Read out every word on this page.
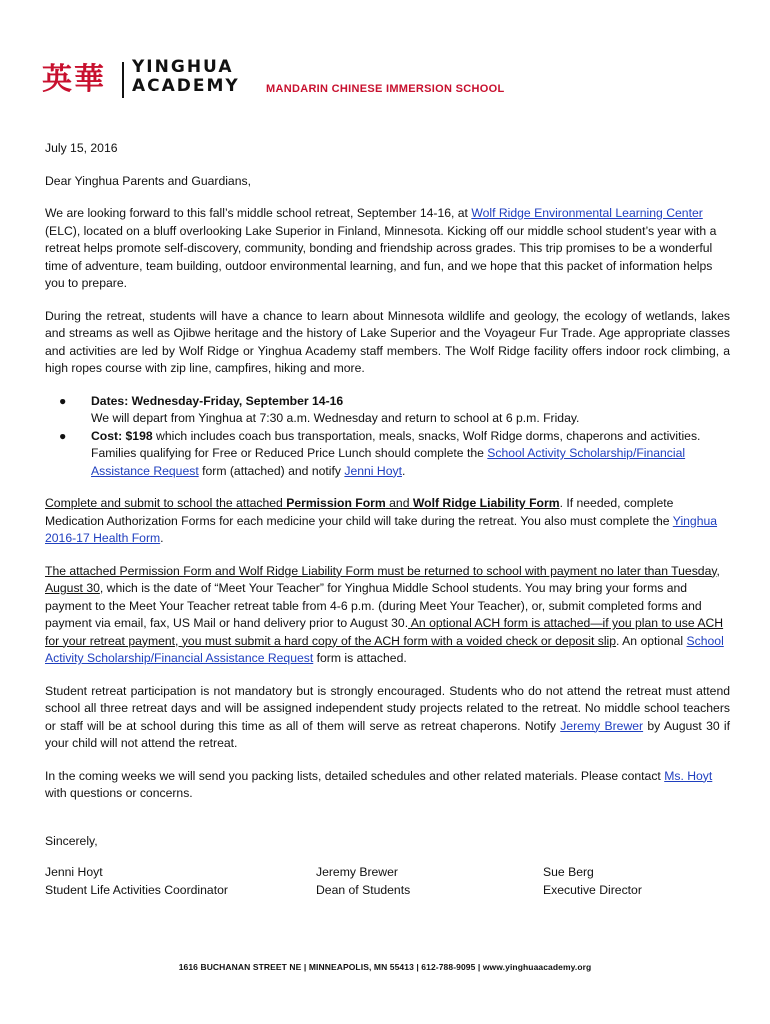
英華 YINGHUA
ACADEMY MANDARIN CHINESE IMMERSION SCHOOL

July 15, 2016

Dear Yinghua Parents and Guardians,

We are looking forward to this fall’s middle school retreat, September 14-16, at Wolf Ridge Environmental Learning Center (ELC), located on a bluff overlooking Lake Superior in Finland, Minnesota. Kicking off our middle school student’s year with a retreat helps promote self-discovery, community, bonding and friendship across grades. This trip promises to be a wonderful time of adventure, team building, outdoor environmental learning, and fun, and we hope that this packet of information helps you to prepare.

During the retreat, students will have a chance to learn about Minnesota wildlife and geology, the ecology of wetlands, lakes and streams as well as Ojibwe heritage and the history of Lake Superior and the Voyageur Fur Trade. Age appropriate classes and activities are led by Wolf Ridge or Yinghua Academy staff members. The Wolf Ridge facility offers indoor rock climbing, a high ropes course with zip line, campfires, hiking and more.

● Dates: Wednesday-Friday, September 14-16
We will depart from Yinghua at 7:30 a.m. Wednesday and return to school at 6 p.m. Friday.
● Cost: $198 which includes coach bus transportation, meals, snacks, Wolf Ridge dorms, chaperons and activities. Families qualifying for Free or Reduced Price Lunch should complete the School Activity Scholarship/Financial Assistance Request form (attached) and notify Jenni Hoyt.

Complete and submit to school the attached Permission Form and Wolf Ridge Liability Form. If needed, complete Medication Authorization Forms for each medicine your child will take during the retreat. You also must complete the Yinghua 2016-17 Health Form.

The attached Permission Form and Wolf Ridge Liability Form must be returned to school with payment no later than Tuesday, August 30, which is the date of “Meet Your Teacher” for Yinghua Middle School students. You may bring your forms and payment to the Meet Your Teacher retreat table from 4-6 p.m. (during Meet Your Teacher), or, submit completed forms and payment via email, fax, US Mail or hand delivery prior to August 30. An optional ACH form is attached—if you plan to use ACH for your retreat payment, you must submit a hard copy of the ACH form with a voided check or deposit slip. An optional School Activity Scholarship/Financial Assistance Request form is attached.

Student retreat participation is not mandatory but is strongly encouraged. Students who do not attend the retreat must attend school all three retreat days and will be assigned independent study projects related to the retreat. No middle school teachers or staff will be at school during this time as all of them will serve as retreat chaperons. Notify Jeremy Brewer by August 30 if your child will not attend the retreat.

In the coming weeks we will send you packing lists, detailed schedules and other related materials. Please contact Ms. Hoyt with questions or concerns.

Sincerely,

Jenni Hoyt
Student Life Activities Coordinator
Jeremy Brewer
Dean of Students
Sue Berg
Executive Director
1616 BUCHANAN STREET NE | MINNEAPOLIS, MN 55413 | 612-788-9095 | www.yinghuaacademy.org
